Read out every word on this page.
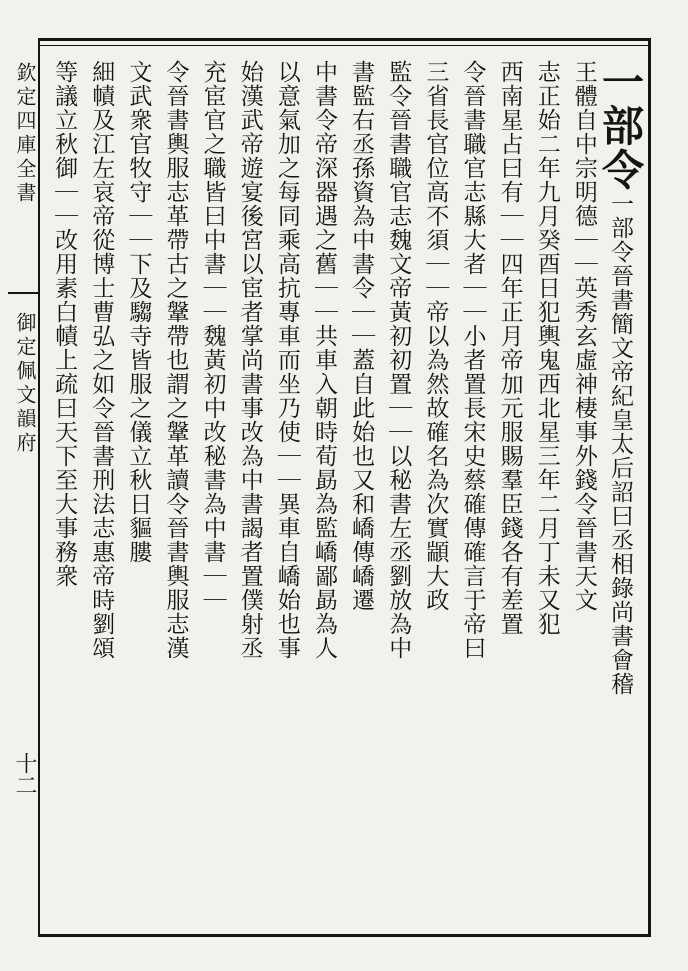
欽定四庫全書
御定佩文韻府
十二
一部令一部令晉書簡文帝紀皇太后詔曰丞相錄尚書會稽
王體自中宗明德｜｜英秀玄虛神棲事外錢令晉書天文
志正始二年九月癸酉日犯輿鬼西北星三年二月丁未又犯
西南星占曰有｜｜四年正月帝加元服賜羣臣錢各有差置
令晉書職官志縣大者｜｜小者置長宋史蔡確傳確言于帝曰
三省長官位高不須｜｜帝以為然故確名為次實顓大政
監令晉書職官志魏文帝黃初初置｜｜以秘書左丞劉放為中
書監右丞孫資為中書令｜｜蓋自此始也又和嶠傳嶠遷
中書令帝深器遇之舊｜｜共車入朝時荀勗為監嶠鄙勗為人
以意氣加之每同乘高抗專車而坐乃使｜｜異車自嶠始也事
始漢武帝遊宴後宮以宦者掌尚書事改為中書謁者置僕射丞
充宦官之職皆曰中書｜｜魏黃初中改秘書為中書｜｜
令晉書輿服志革帶古之鞶帶也謂之鞶革讀令晉書輿服志漢
文武衆官牧守｜｜下及騶寺皆服之儀立秋日貙膢
細幘及江左哀帝從博士曹弘之如令晉書刑法志惠帝時劉頌
等議立秋御｜｜改用素白幘上疏曰天下至大事務衆
